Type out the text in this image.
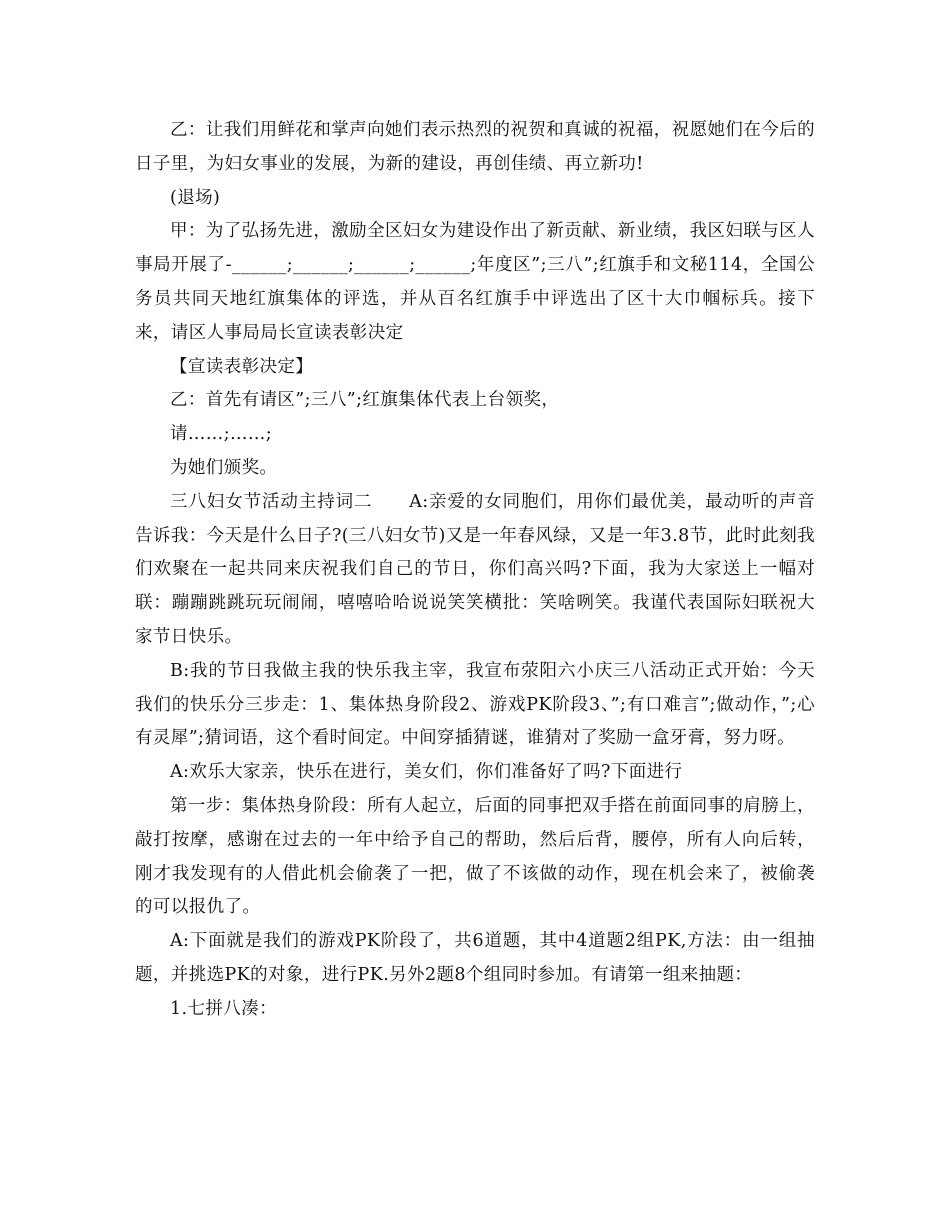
乙：让我们用鲜花和掌声向她们表示热烈的祝贺和真诚的祝福，祝愿她们在今后的日子里，为妇女事业的发展，为新的建设，再创佳绩、再立新功!

(退场)

甲：为了弘扬先进，激励全区妇女为建设作出了新贡献、新业绩，我区妇联与区人事局开展了-______;______;______;______;年度区”;三八”;红旗手和文秘114，全国公务员共同天地红旗集体的评选，并从百名红旗手中评选出了区十大巾帼标兵。接下来，请区人事局局长宣读表彰决定

【宣读表彰决定】

乙：首先有请区”;三八”;红旗集体代表上台领奖，

请……;……;

为她们颁奖。

三八妇女节活动主持词二　　A:亲爱的女同胞们，用你们最优美，最动听的声音告诉我：今天是什么日子?(三八妇女节)又是一年春风绿，又是一年3.8节，此时此刻我们欢聚在一起共同来庆祝我们自己的节日，你们高兴吗?下面，我为大家送上一幅对联：蹦蹦跳跳玩玩闹闹，嘻嘻哈哈说说笑笑横批：笑啥咧笑。我谨代表国际妇联祝大家节日快乐。

B:我的节日我做主我的快乐我主宰，我宣布荥阳六小庆三八活动正式开始：今天我们的快乐分三步走：1、集体热身阶段2、游戏PK阶段3、”;有口难言”;做动作，”;心有灵犀”;猜词语，这个看时间定。中间穿插猜谜，谁猜对了奖励一盒牙膏，努力呀。

A:欢乐大家亲，快乐在进行，美女们，你们准备好了吗?下面进行

第一步：集体热身阶段：所有人起立，后面的同事把双手搭在前面同事的肩膀上，敲打按摩，感谢在过去的一年中给予自己的帮助，然后后背，腰停，所有人向后转，刚才我发现有的人借此机会偷袭了一把，做了不该做的动作，现在机会来了，被偷袭的可以报仇了。

A:下面就是我们的游戏PK阶段了，共6道题，其中4道题2组PK,方法：由一组抽题，并挑选PK的对象，进行PK.另外2题8个组同时参加。有请第一组来抽题：

1.七拼八凑：
